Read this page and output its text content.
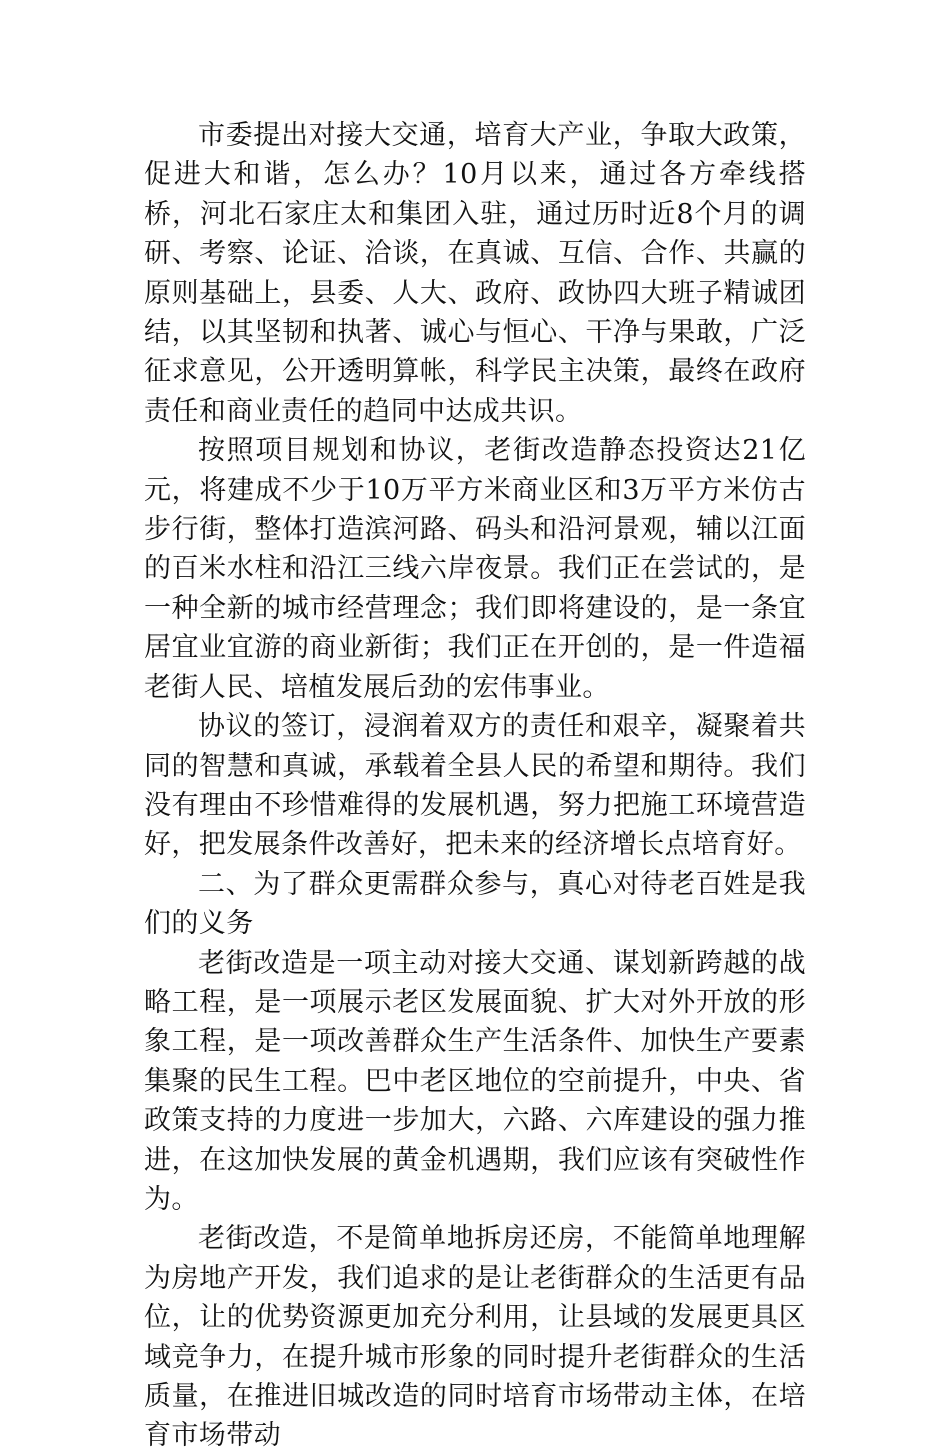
市委提出对接大交通，培育大产业，争取大政策，促进大和谐，怎么办？10月以来，通过各方牵线搭桥，河北石家庄太和集团入驻，通过历时近8个月的调研、考察、论证、洽谈，在真诚、互信、合作、共赢的原则基础上，县委、人大、政府、政协四大班子精诚团结，以其坚韧和执著、诚心与恒心、干净与果敢，广泛征求意见，公开透明算帐，科学民主决策，最终在政府责任和商业责任的趋同中达成共识。

按照项目规划和协议，老街改造静态投资达21亿元，将建成不少于10万平方米商业区和3万平方米仿古步行街，整体打造滨河路、码头和沿河景观，辅以江面的百米水柱和沿江三线六岸夜景。我们正在尝试的，是一种全新的城市经营理念；我们即将建设的，是一条宜居宜业宜游的商业新街；我们正在开创的，是一件造福老街人民、培植发展后劲的宏伟事业。

协议的签订，浸润着双方的责任和艰辛，凝聚着共同的智慧和真诚，承载着全县人民的希望和期待。我们没有理由不珍惜难得的发展机遇，努力把施工环境营造好，把发展条件改善好，把未来的经济增长点培育好。

二、为了群众更需群众参与，真心对待老百姓是我们的义务

老街改造是一项主动对接大交通、谋划新跨越的战略工程，是一项展示老区发展面貌、扩大对外开放的形象工程，是一项改善群众生产生活条件、加快生产要素集聚的民生工程。巴中老区地位的空前提升，中央、省政策支持的力度进一步加大，六路、六库建设的强力推进，在这加快发展的黄金机遇期，我们应该有突破性作为。

老街改造，不是简单地拆房还房，不能简单地理解为房地产开发，我们追求的是让老街群众的生活更有品位，让的优势资源更加充分利用，让县域的发展更具区域竞争力，在提升城市形象的同时提升老街群众的生活质量，在推进旧城改造的同时培育市场带动主体，在培育市场带动
